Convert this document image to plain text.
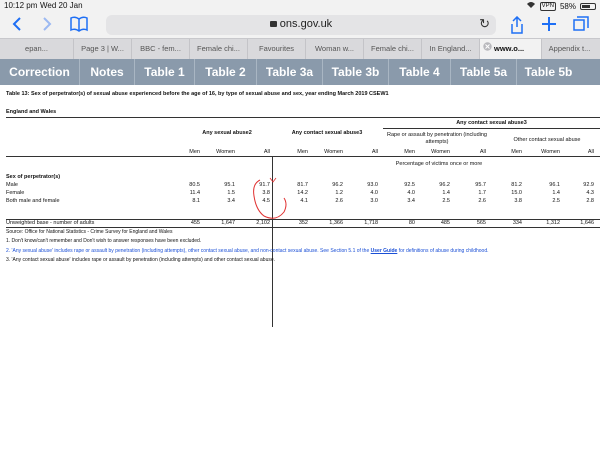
10:12 pm Wed 20 Jan	VPN 58%
ons.gov.uk	↻
epan...	Page 3 | W...	BBC - fem...	Female chi...	Favourites	Woman w...	Female chi...	In England...	www.o...	Appendix t...
Correction	Notes	Table 1	Table 2	Table 3a	Table 3b	Table 4	Table 5a	Table 5b
Table 13: Sex of perpetrator(s) of sexual abuse experienced before the age of 16, by type of sexual abuse and sex, year ending March 2019 CSEW1
England and Wales
Any contact sexual abuse3
Any sexual abuse2	Any contact sexual abuse3	Rape or assault by penetration (including attempts)	Other contact sexual abuse
Men	Women	All	Men	Women	All	Men	Women	All	Men	Women	All
Percentage of victims once or more
Sex of perpetrator(s)
Male	80.5	95.1	91.7	81.7	96.2	93.0	92.5	96.2	95.7	81.2	96.1	92.9
Female	11.4	1.5	3.8	14.2	1.2	4.0	4.0	1.4	1.7	15.0	1.4	4.3
Both male and female	8.1	3.4	4.5	4.1	2.6	3.0	3.4	2.5	2.6	3.8	2.5	2.8
Unweighted base - number of adults	455	1,647	2,102	352	1,366	1,718	80	485	565	334	1,312	1,646
Source: Office for National Statistics - Crime Survey for England and Wales
1. Don't know/can't remember and Don't wish to answer responses have been excluded.
2. 'Any sexual abuse' includes rape or assault by penetration (including attempts), other contact sexual abuse, and non-contact sexual abuse. See Section 5.1 of the User Guide for definitions of abuse during childhood.
3. 'Any contact sexual abuse' includes rape or assault by penetration (including attempts) and other contact sexual abuse.
